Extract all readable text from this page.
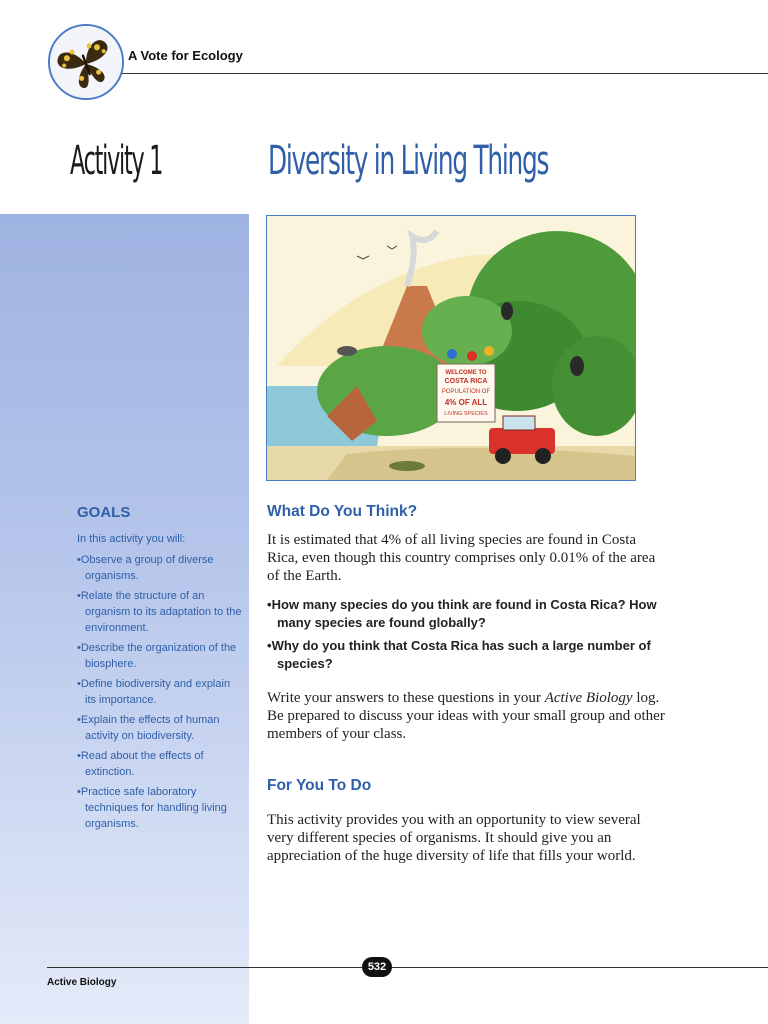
A Vote for Ecology
Activity 1	Diversity in Living Things
WELCOME TO
COSTA RICA
POPULATION OF
4% OF ALL
LIVING SPECIES
GOALS
In this activity you will:
• Observe a group of diverse organisms.
• Relate the structure of an organism to its adaptation to the environment.
• Describe the organization of the biosphere.
• Define biodiversity and explain its importance.
• Explain the effects of human activity on biodiversity.
• Read about the effects of extinction.
• Practice safe laboratory techniques for handling living organisms.
What Do You Think?
It is estimated that 4% of all living species are found in Costa Rica, even though this country comprises only 0.01% of the area of the Earth.
• How many species do you think are found in Costa Rica? How many species are found globally?
• Why do you think that Costa Rica has such a large number of species?
Write your answers to these questions in your Active Biology log. Be prepared to discuss your ideas with your small group and other members of your class.
For You To Do
This activity provides you with an opportunity to view several very different species of organisms. It should give you an appreciation of the huge diversity of life that fills your world.
532
Active Biology
